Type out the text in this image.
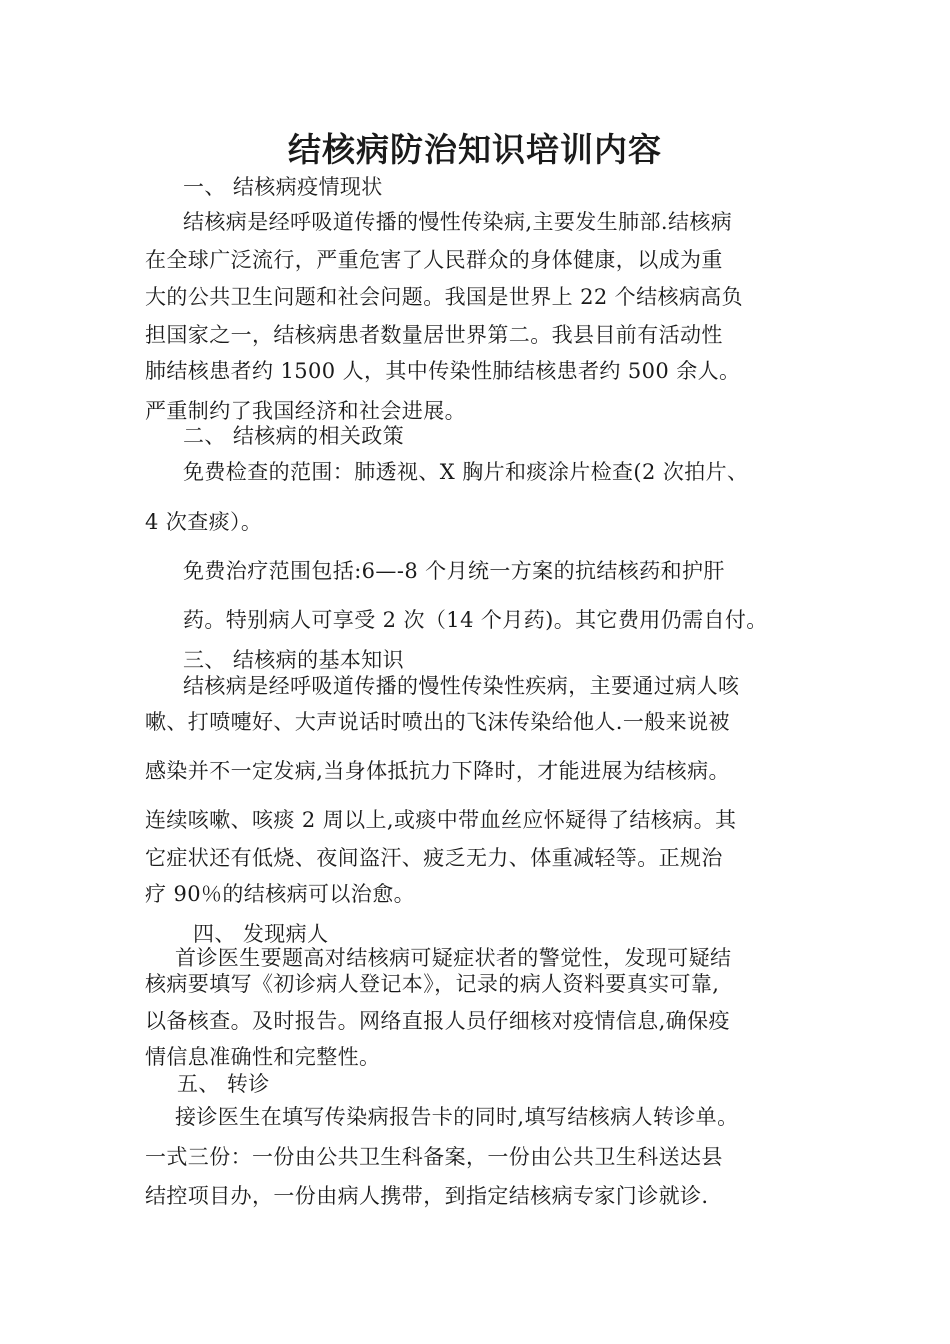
结核病防治知识培训内容
一、 结核病疫情现状
结核病是经呼吸道传播的慢性传染病,主要发生肺部.结核病
在全球广泛流行，严重危害了人民群众的身体健康，以成为重
大的公共卫生问题和社会问题。我国是世界上 22 个结核病高负
担国家之一，结核病患者数量居世界第二。我县目前有活动性
肺结核患者约 1500 人，其中传染性肺结核患者约 500 余人。
严重制约了我国经济和社会进展。
二、 结核病的相关政策
免费检查的范围：肺透视、X 胸片和痰涂片检查(2 次拍片、
4 次查痰）。
免费治疗范围包括:6—-8 个月统一方案的抗结核药和护肝
药。特别病人可享受 2 次（14 个月药)。其它费用仍需自付。
三、 结核病的基本知识
结核病是经呼吸道传播的慢性传染性疾病，主要通过病人咳
嗽、打喷嚏好、大声说话时喷出的飞沫传染给他人.一般来说被
感染并不一定发病,当身体抵抗力下降时，才能进展为结核病。
连续咳嗽、咳痰 2 周以上,或痰中带血丝应怀疑得了结核病。其
它症状还有低烧、夜间盗汗、疲乏无力、体重减轻等。正规治
疗 90％的结核病可以治愈。
四、 发现病人
首诊医生要题高对结核病可疑症状者的警觉性，发现可疑结
核病要填写《初诊病人登记本》，记录的病人资料要真实可靠,
以备核查。及时报告。网络直报人员仔细核对疫情信息,确保疫
情信息准确性和完整性。
五、 转诊
接诊医生在填写传染病报告卡的同时,填写结核病人转诊单。
一式三份：一份由公共卫生科备案，一份由公共卫生科送达县
结控项目办，一份由病人携带，到指定结核病专家门诊就诊.
